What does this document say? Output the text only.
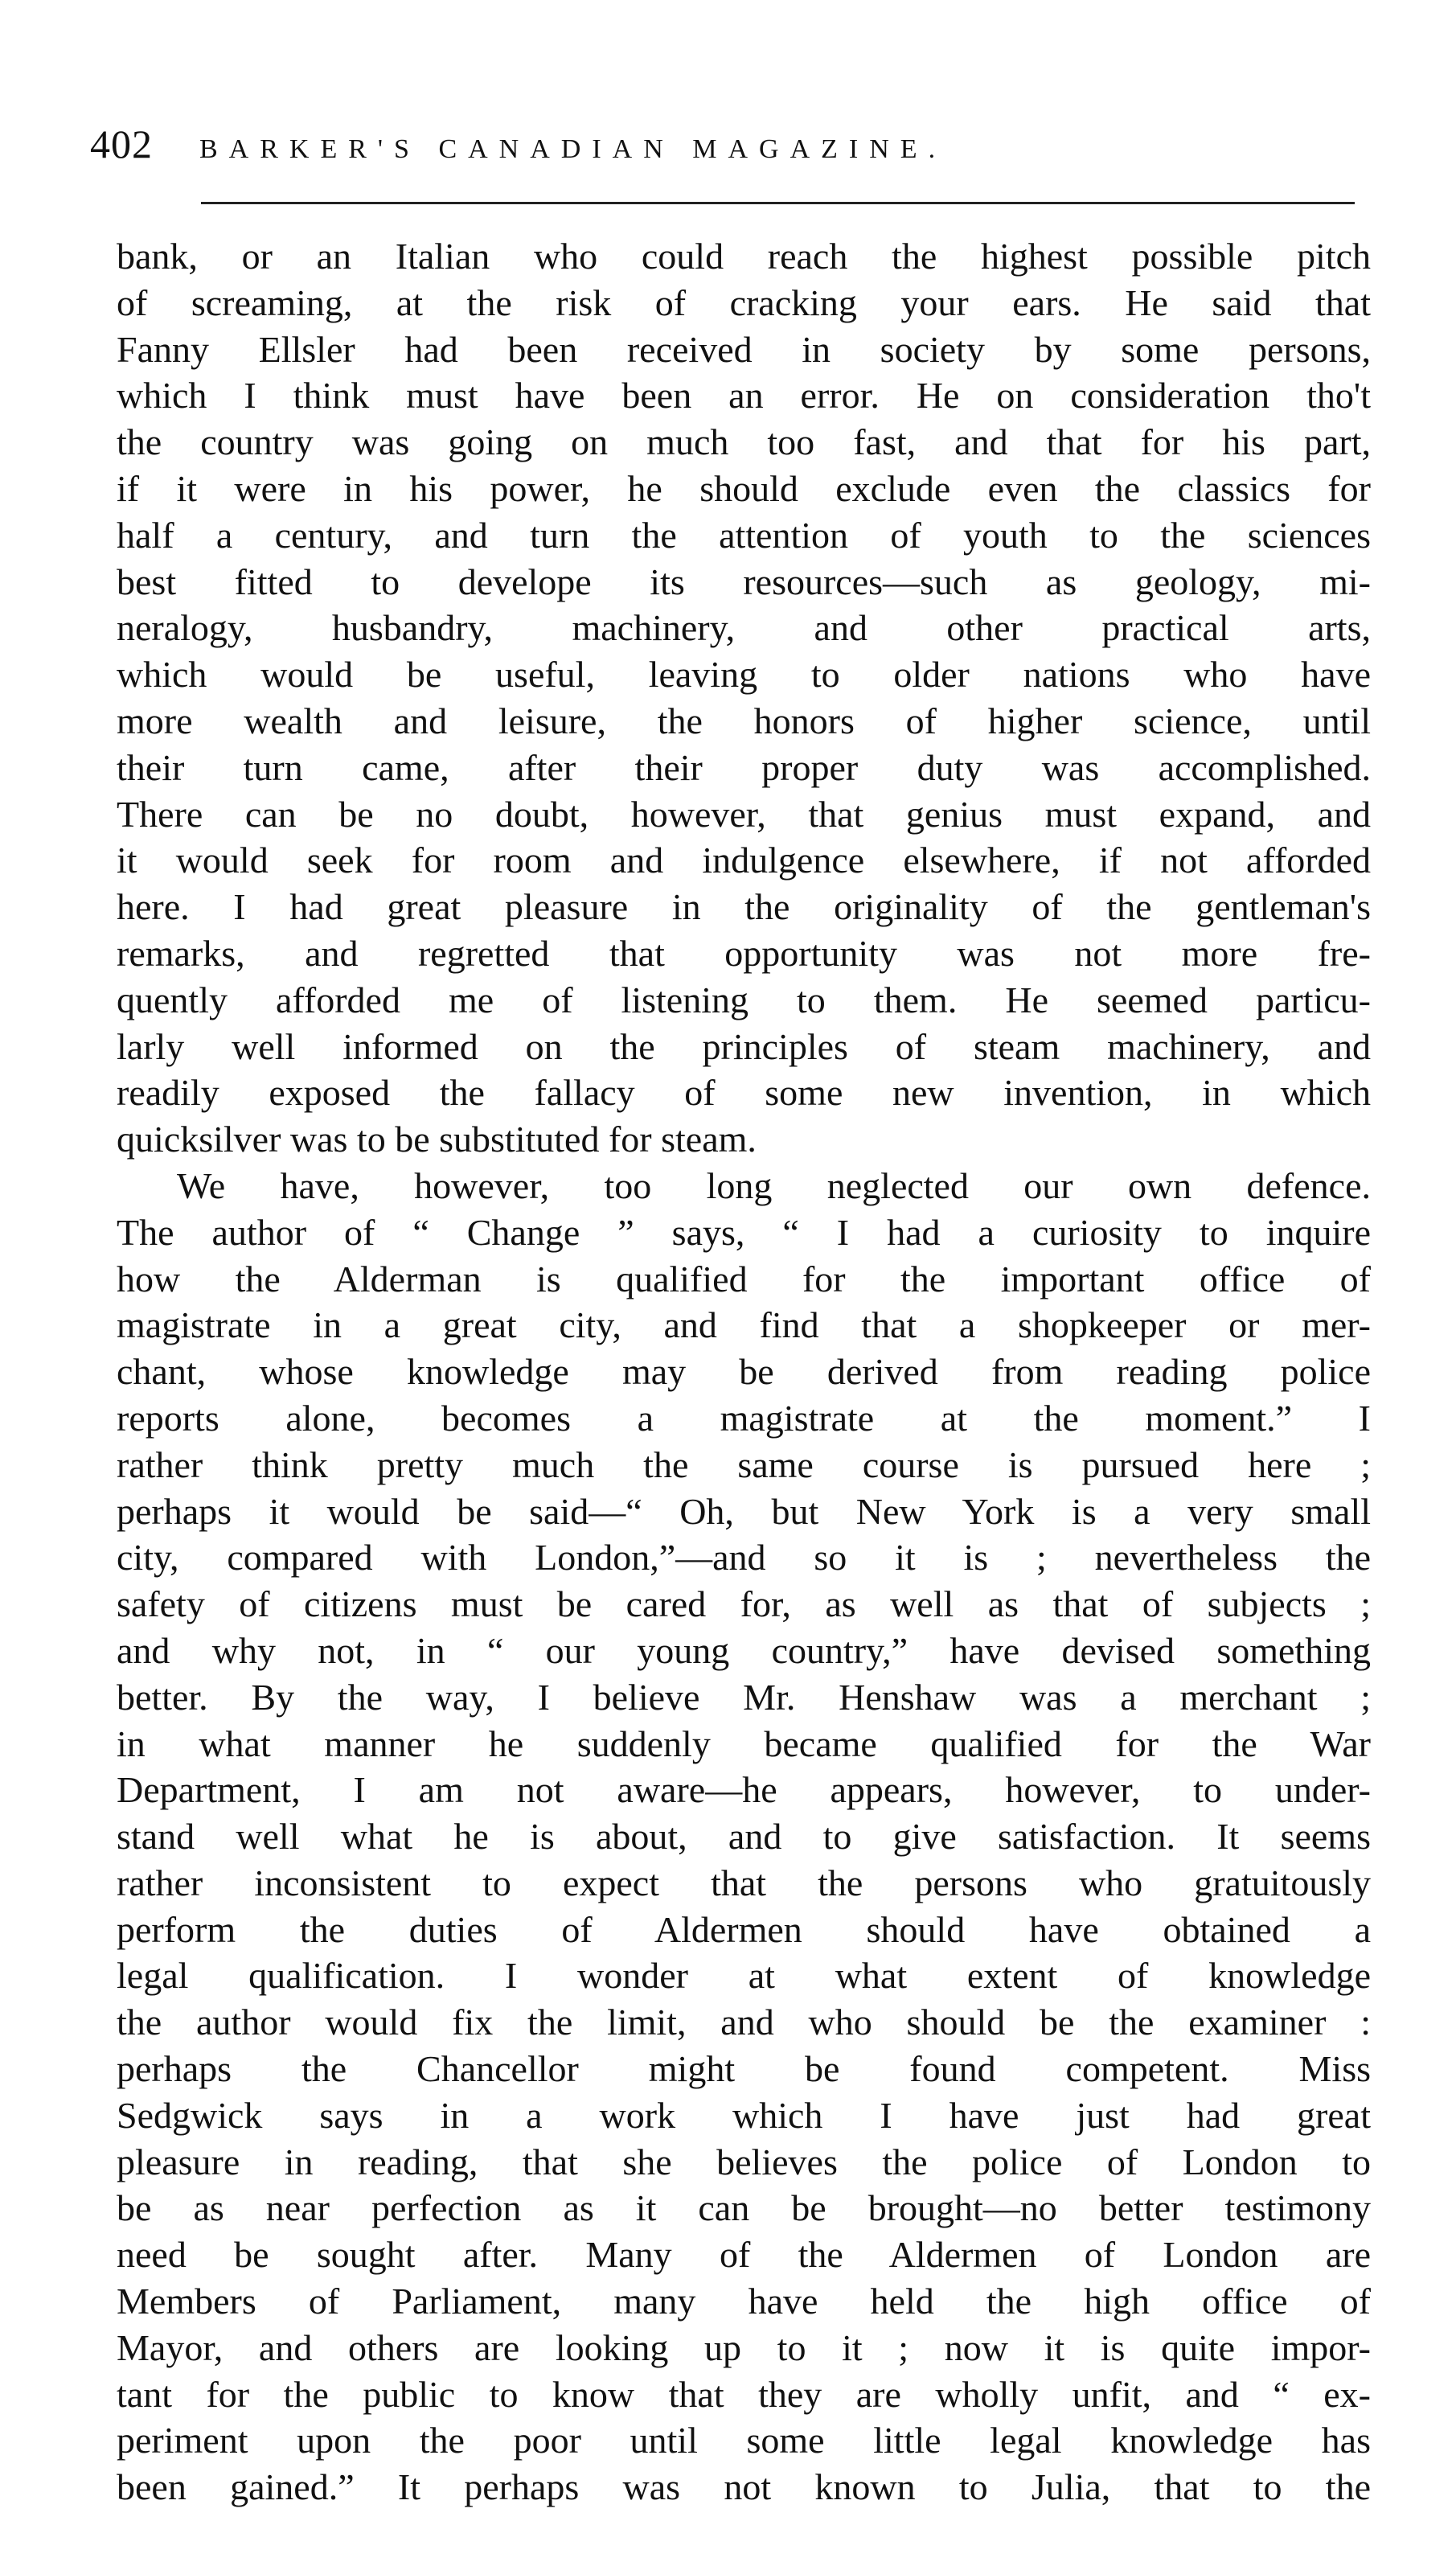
402 BARKER'S CANADIAN MAGAZINE.
bank, or an Italian who could reach the highest possible pitch
of screaming, at the risk of cracking your ears. He said that
Fanny Ellsler had been received in society by some persons,
which I think must have been an error. He on consideration tho't
the country was going on much too fast, and that for his part,
if it were in his power, he should exclude even the classics for
half a century, and turn the attention of youth to the sciences
best fitted to develope its resources—such as geology, mi-
neralogy, husbandry, machinery, and other practical arts,
which would be useful, leaving to older nations who have
more wealth and leisure, the honors of higher science, until
their turn came, after their proper duty was accomplished.
There can be no doubt, however, that genius must expand, and
it would seek for room and indulgence elsewhere, if not afforded
here. I had great pleasure in the originality of the gentleman's
remarks, and regretted that opportunity was not more fre-
quently afforded me of listening to them. He seemed particu-
larly well informed on the principles of steam machinery, and
readily exposed the fallacy of some new invention, in which
quicksilver was to be substituted for steam.
We have, however, too long neglected our own defence.
The author of “ Change ” says, “ I had a curiosity to inquire
how the Alderman is qualified for the important office of
magistrate in a great city, and find that a shopkeeper or mer-
chant, whose knowledge may be derived from reading police
reports alone, becomes a magistrate at the moment.” I
rather think pretty much the same course is pursued here ;
perhaps it would be said—“ Oh, but New York is a very small
city, compared with London,”—and so it is ; nevertheless the
safety of citizens must be cared for, as well as that of subjects ;
and why not, in “ our young country,” have devised something
better. By the way, I believe Mr. Henshaw was a merchant ;
in what manner he suddenly became qualified for the War
Department, I am not aware—he appears, however, to under-
stand well what he is about, and to give satisfaction. It seems
rather inconsistent to expect that the persons who gratuitously
perform the duties of Aldermen should have obtained a
legal qualification. I wonder at what extent of knowledge
the author would fix the limit, and who should be the examiner :
perhaps the Chancellor might be found competent. Miss
Sedgwick says in a work which I have just had great
pleasure in reading, that she believes the police of London to
be as near perfection as it can be brought—no better testimony
need be sought after. Many of the Aldermen of London are
Members of Parliament, many have held the high office of
Mayor, and others are looking up to it ; now it is quite impor-
tant for the public to know that they are wholly unfit, and “ ex-
periment upon the poor until some little legal knowledge has
been gained.” It perhaps was not known to Julia, that to the
